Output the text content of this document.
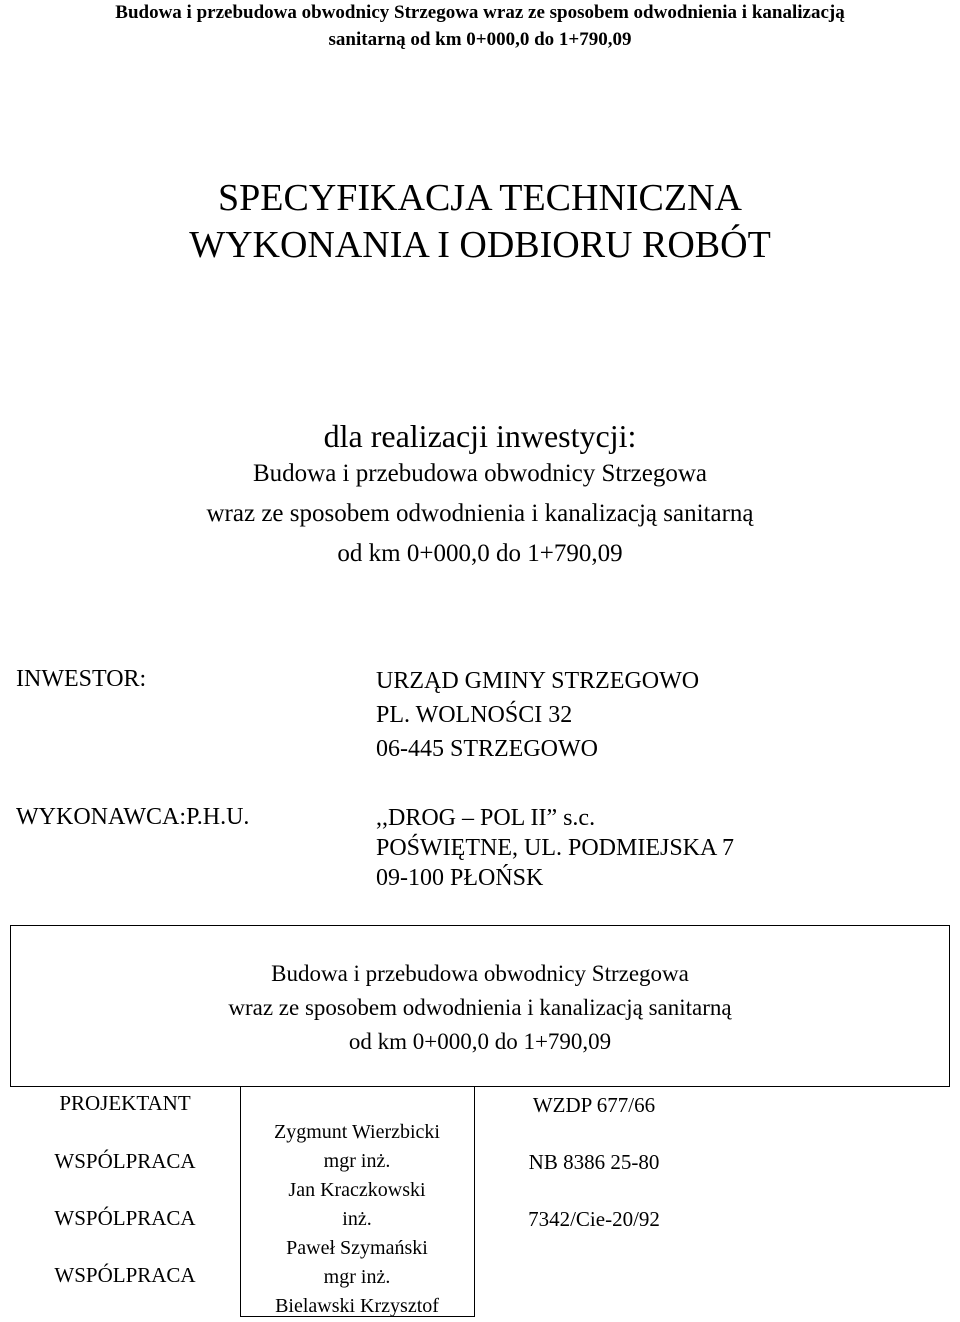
Budowa i przebudowa obwodnicy Strzegowa wraz ze sposobem odwodnienia i kanalizacją
sanitarną od km 0+000,0 do 1+790,09
SPECYFIKACJA TECHNICZNA
WYKONANIA I ODBIORU ROBÓT
dla realizacji inwestycji:
Budowa i przebudowa obwodnicy Strzegowa
wraz ze sposobem odwodnienia i kanalizacją sanitarną
od km 0+000,0 do 1+790,09
INWESTOR:	URZĄD GMINY STRZEGOWO
PL. WOLNOŚCI 32
06-445 STRZEGOWO
WYKONAWCA:P.H.U.	,,DROG – POL II” s.c.
POŚWIĘTNE, UL. PODMIEJSKA 7
09-100 PŁOŃSK
Budowa i przebudowa obwodnicy Strzegowa
wraz ze sposobem odwodnienia i kanalizacją sanitarną
od km 0+000,0 do 1+790,09
PROJEKTANT
WSPÓLPRACA
WSPÓLPRACA
WSPÓLPRACA
Zygmunt Wierzbicki
mgr inż.
Jan Kraczkowski
inż.
Paweł Szymański
mgr inż.
Bielawski Krzysztof
WZDP 677/66
NB 8386 25-80
7342/Cie-20/92
